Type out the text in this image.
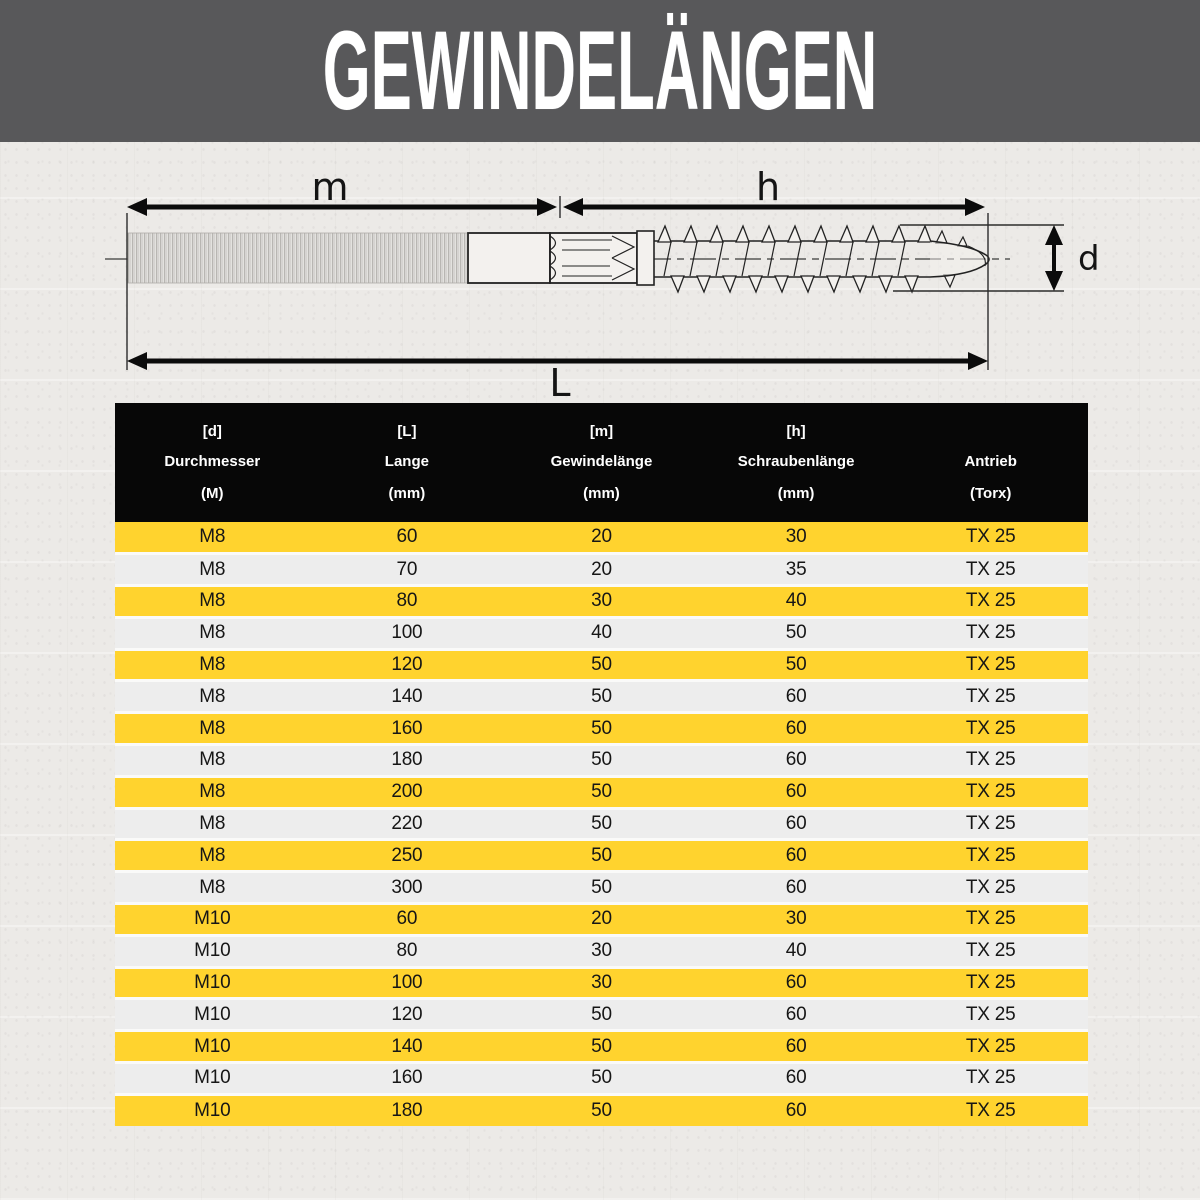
GEWINDELÄNGEN
m	h
L
d
[d]	[L]	[m]	[h]	
Durchmesser	Lange	Gewindelänge	Schraubenlänge	Antrieb
(M)	(mm)	(mm)	(mm)	(Torx)
M8	60	20	30	TX 25
M8	70	20	35	TX 25
M8	80	30	40	TX 25
M8	100	40	50	TX 25
M8	120	50	50	TX 25
M8	140	50	60	TX 25
M8	160	50	60	TX 25
M8	180	50	60	TX 25
M8	200	50	60	TX 25
M8	220	50	60	TX 25
M8	250	50	60	TX 25
M8	300	50	60	TX 25
M10	60	20	30	TX 25
M10	80	30	40	TX 25
M10	100	30	60	TX 25
M10	120	50	60	TX 25
M10	140	50	60	TX 25
M10	160	50	60	TX 25
M10	180	50	60	TX 25
